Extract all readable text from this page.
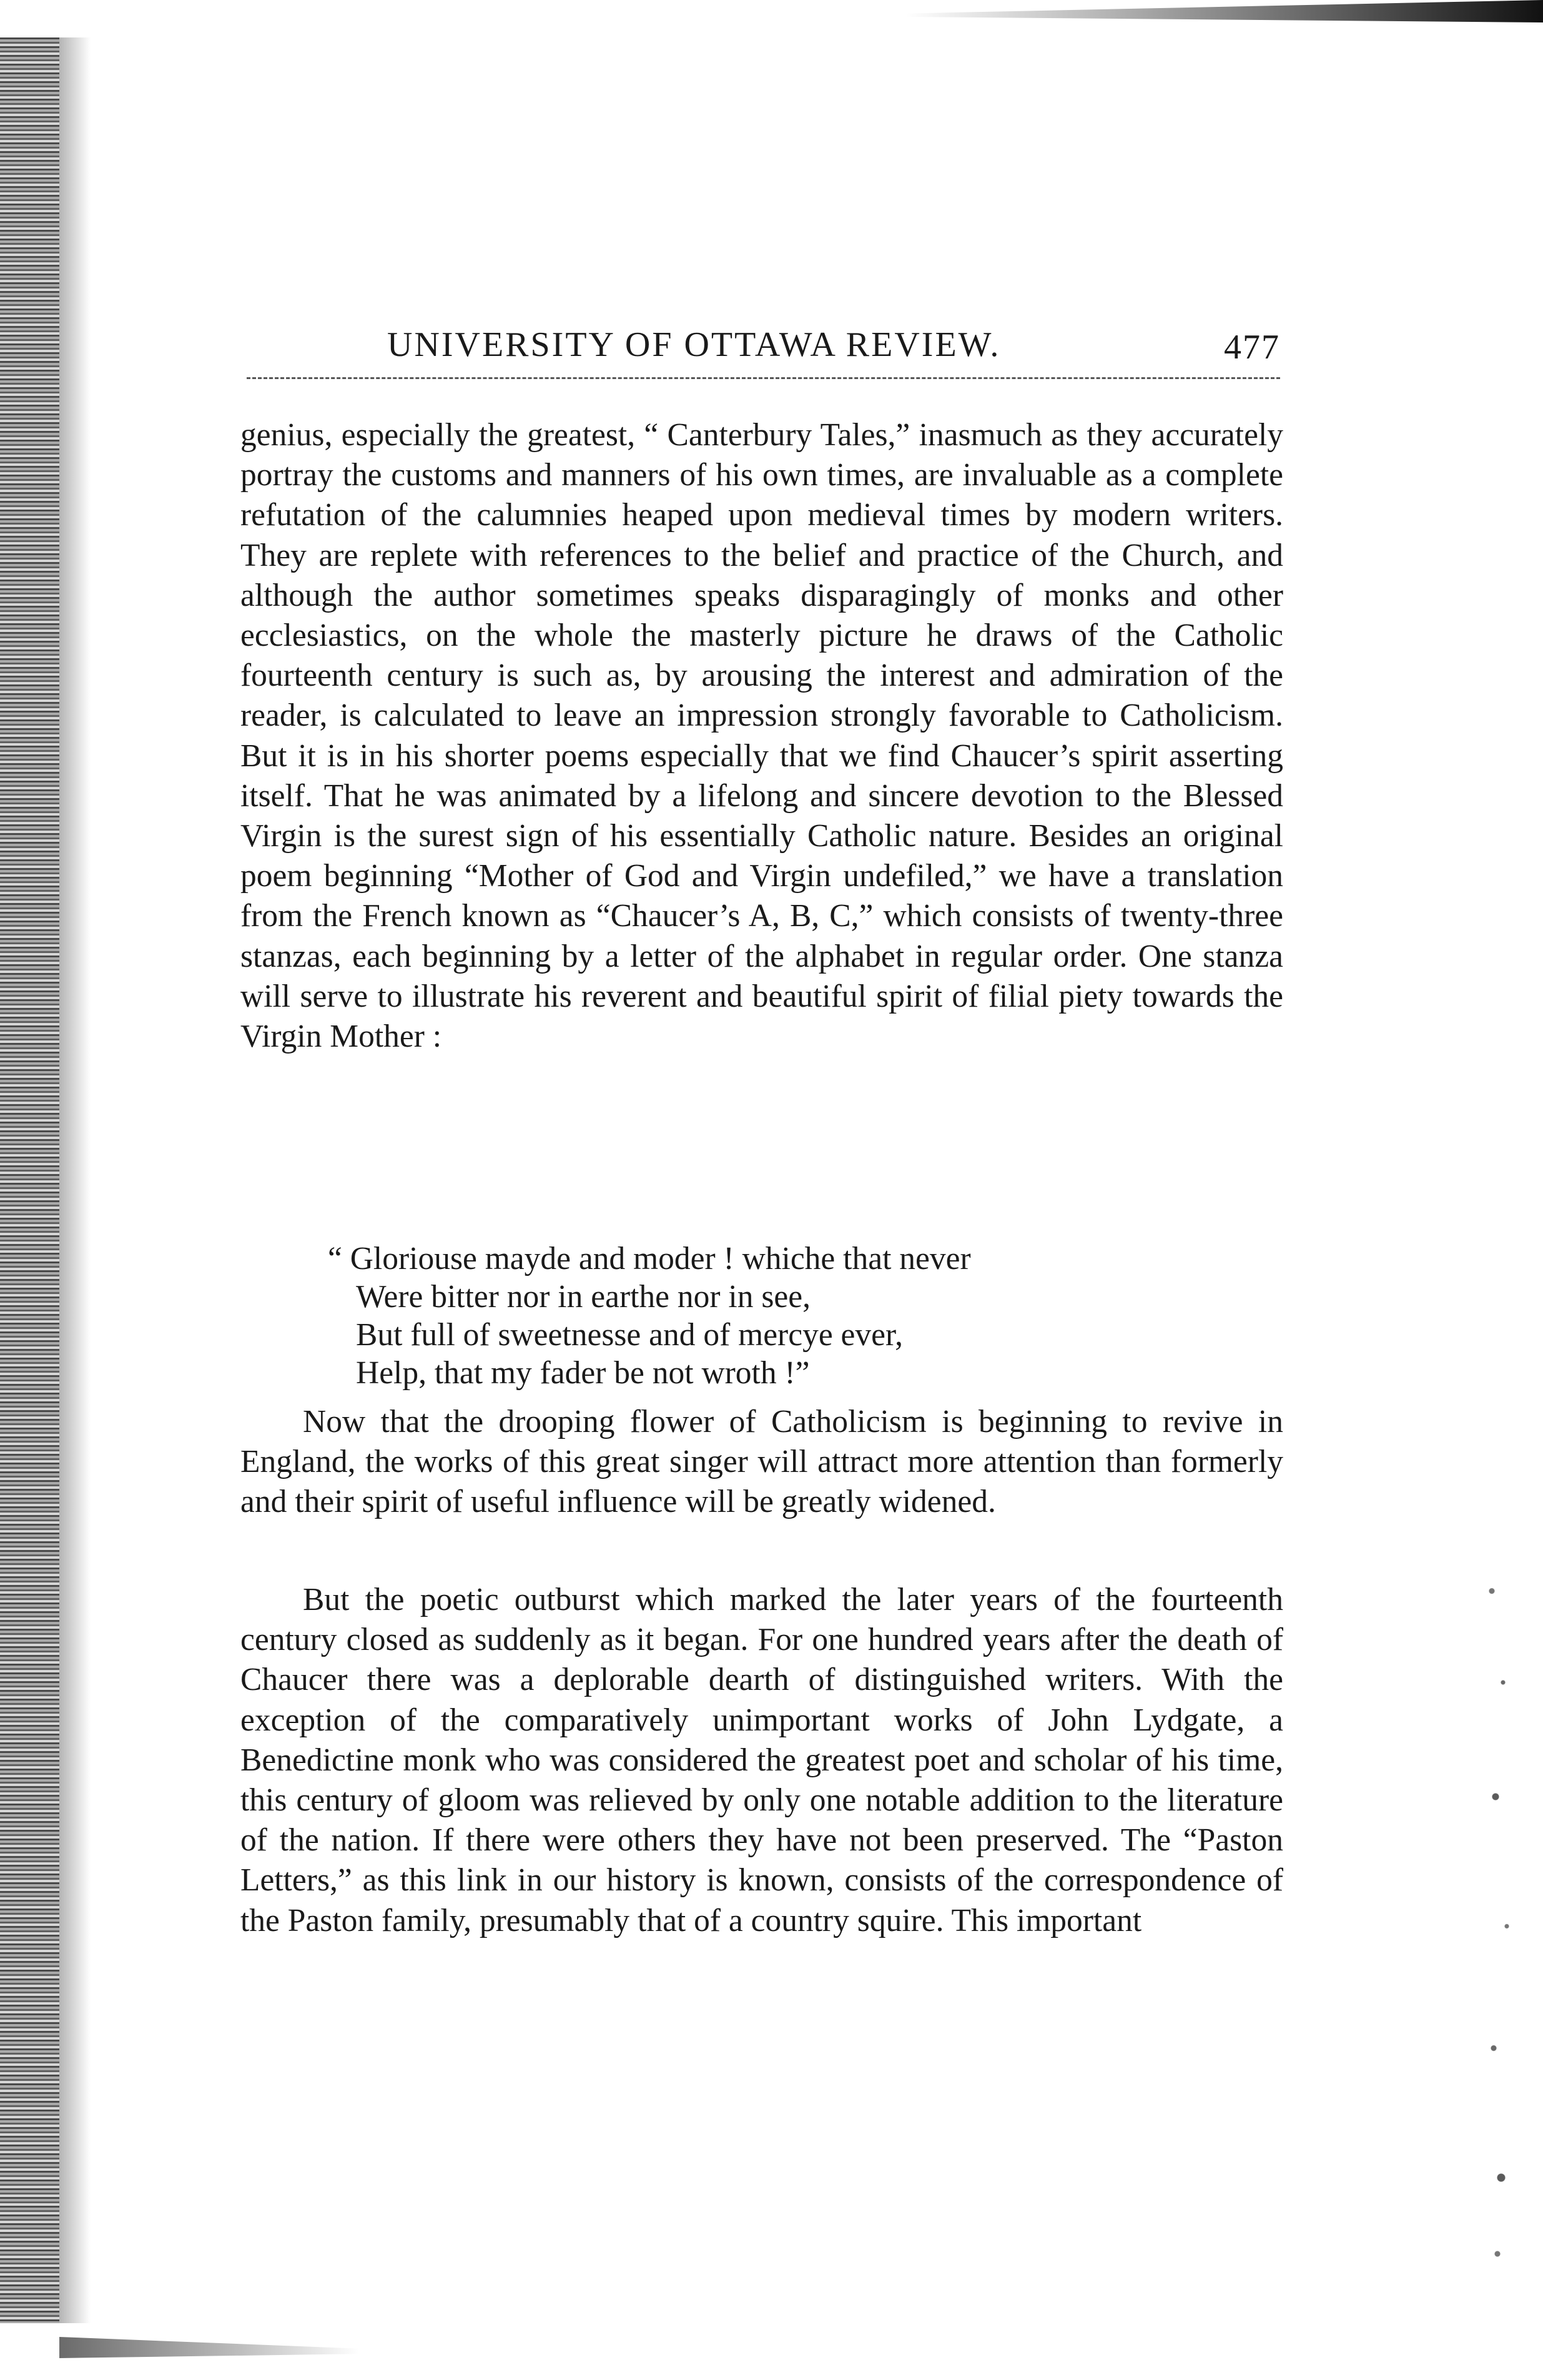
UNIVERSITY OF OTTAWA REVIEW.	477

genius, especially the greatest, “ Canterbury Tales,” inasmuch as they accurately portray the customs and manners of his own times, are invaluable as a complete refutation of the calumnies heaped upon medieval times by modern writers. They are replete with references to the belief and practice of the Church, and although the author sometimes speaks disparagingly of monks and other ecclesiastics, on the whole the masterly picture he draws of the Catholic fourteenth century is such as, by arousing the interest and admiration of the reader, is calculated to leave an impression strongly favorable to Catholicism. But it is in his shorter poems especially that we find Chaucer’s spirit asserting itself. That he was animated by a lifelong and sincere devotion to the Blessed Virgin is the surest sign of his essentially Catholic nature. Besides an original poem beginning “Mother of God and Virgin undefiled,” we have a translation from the French known as “Chaucer’s A, B, C,” which consists of twenty-three stanzas, each beginning by a letter of the alphabet in regular order. One stanza will serve to illustrate his reverent and beautiful spirit of filial piety towards the Virgin Mother :

“ Gloriouse mayde and moder ! whiche that never
Were bitter nor in earthe nor in see,
But full of sweetnesse and of mercye ever,
Help, that my fader be not wroth !”

Now that the drooping flower of Catholicism is beginning to revive in England, the works of this great singer will attract more attention than formerly and their spirit of useful influence will be greatly widened.

But the poetic outburst which marked the later years of the fourteenth century closed as suddenly as it began. For one hundred years after the death of Chaucer there was a deplorable dearth of distinguished writers. With the exception of the comparatively unimportant works of John Lydgate, a Benedictine monk who was considered the greatest poet and scholar of his time, this century of gloom was relieved by only one notable addition to the literature of the nation. If there were others they have not been preserved. The “Paston Letters,” as this link in our history is known, consists of the correspondence of the Paston family, presumably that of a country squire. This important
